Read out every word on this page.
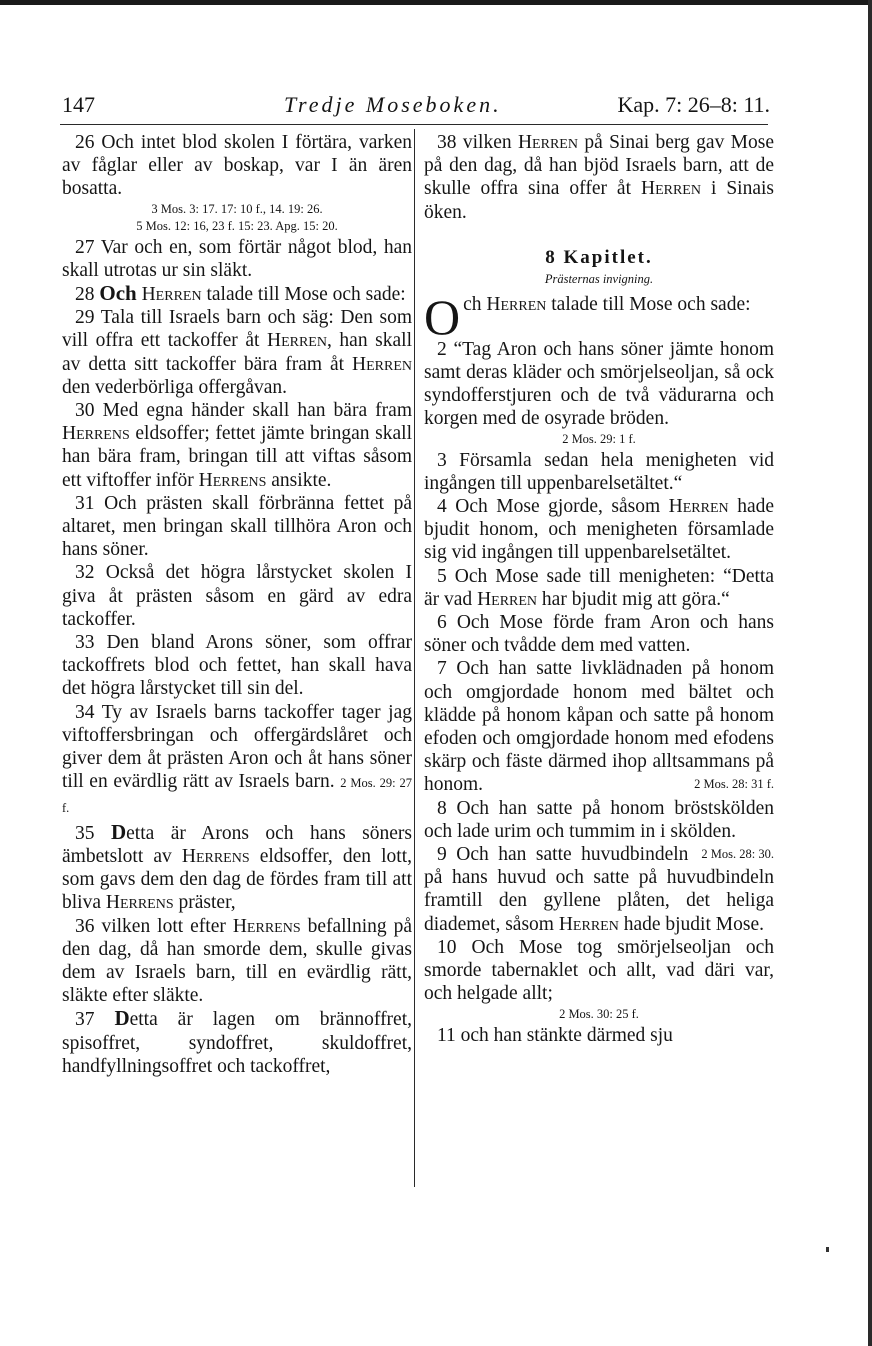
147	Tredje Moseboken.	Kap. 7: 26–8: 11.

26 Och intet blod skolen I förtära, varken av fåglar eller av boskap, var I än ären bosatta.

3 Mos. 3: 17. 17: 10 f., 14. 19: 26.
5 Mos. 12: 16, 23 f. 15: 23. Apg. 15: 20.

27 Var och en, som förtär något blod, han skall utrotas ur sin släkt.

28 Och Herren talade till Mose och sade:

29 Tala till Israels barn och säg: Den som vill offra ett tackoffer åt Herren, han skall av detta sitt tackoffer bära fram åt Herren den vederbörliga offergåvan.

30 Med egna händer skall han bära fram Herrens eldsoffer; fettet jämte bringan skall han bära fram, bringan till att viftas såsom ett viftoffer inför Herrens ansikte.

31 Och prästen skall förbränna fettet på altaret, men bringan skall tillhöra Aron och hans söner.

32 Också det högra lårstycket skolen I giva åt prästen såsom en gärd av edra tackoffer.

33 Den bland Arons söner, som offrar tackoffrets blod och fettet, han skall hava det högra lårstycket till sin del.

34 Ty av Israels barns tackoffer tager jag viftoffersbringan och offergärdslåret och giver dem åt prästen Aron och åt hans söner till en evärdlig rätt av Israels barn. 2 Mos. 29: 27 f.

35 Detta är Arons och hans söners ämbetslott av Herrens eldsoffer, den lott, som gavs dem den dag de fördes fram till att bliva Herrens präster,

36 vilken lott efter Herrens befallning på den dag, då han smorde dem, skulle givas dem av Israels barn, till en evärdlig rätt, släkte efter släkte.

37 Detta är lagen om brännoffret, spisoffret, syndoffret, skuldoffret, handfyllningsoffret och tackoffret,

38 vilken Herren på Sinai berg gav Mose på den dag, då han bjöd Israels barn, att de skulle offra sina offer åt Herren i Sinais öken.

8 Kapitlet.
Prästernas invigning.

O ch Herren talade till Mose och sade:

2 “Tag Aron och hans söner jämte honom samt deras kläder och smörjelseoljan, så ock syndofferstjuren och de två vädurarna och korgen med de osyrade bröden.

2 Mos. 29: 1 f.

3 Församla sedan hela menigheten vid ingången till uppenbarelsetältet.“

4 Och Mose gjorde, såsom Herren hade bjudit honom, och menigheten församlade sig vid ingången till uppenbarelsetältet.

5 Och Mose sade till menigheten: “Detta är vad Herren har bjudit mig att göra.“

6 Och Mose förde fram Aron och hans söner och tvådde dem med vatten.

7 Och han satte livklädnaden på honom och omgjordade honom med bältet och klädde på honom kåpan och satte på honom efoden och omgjordade honom med efodens skärp och fäste därmed ihop alltsammans på honom.	2 Mos. 28: 31 f.

8 Och han satte på honom bröstskölden och lade urim och tummim in i skölden.
2 Mos. 28: 30.

9 Och han satte huvudbindeln på hans huvud och satte på huvudbindeln framtill den gyllene plåten, det heliga diademet, såsom Herren hade bjudit Mose.

10 Och Mose tog smörjelseoljan och smorde tabernaklet och allt, vad däri var, och helgade allt;

2 Mos. 30: 25 f.

11 och han stänkte därmed sju
